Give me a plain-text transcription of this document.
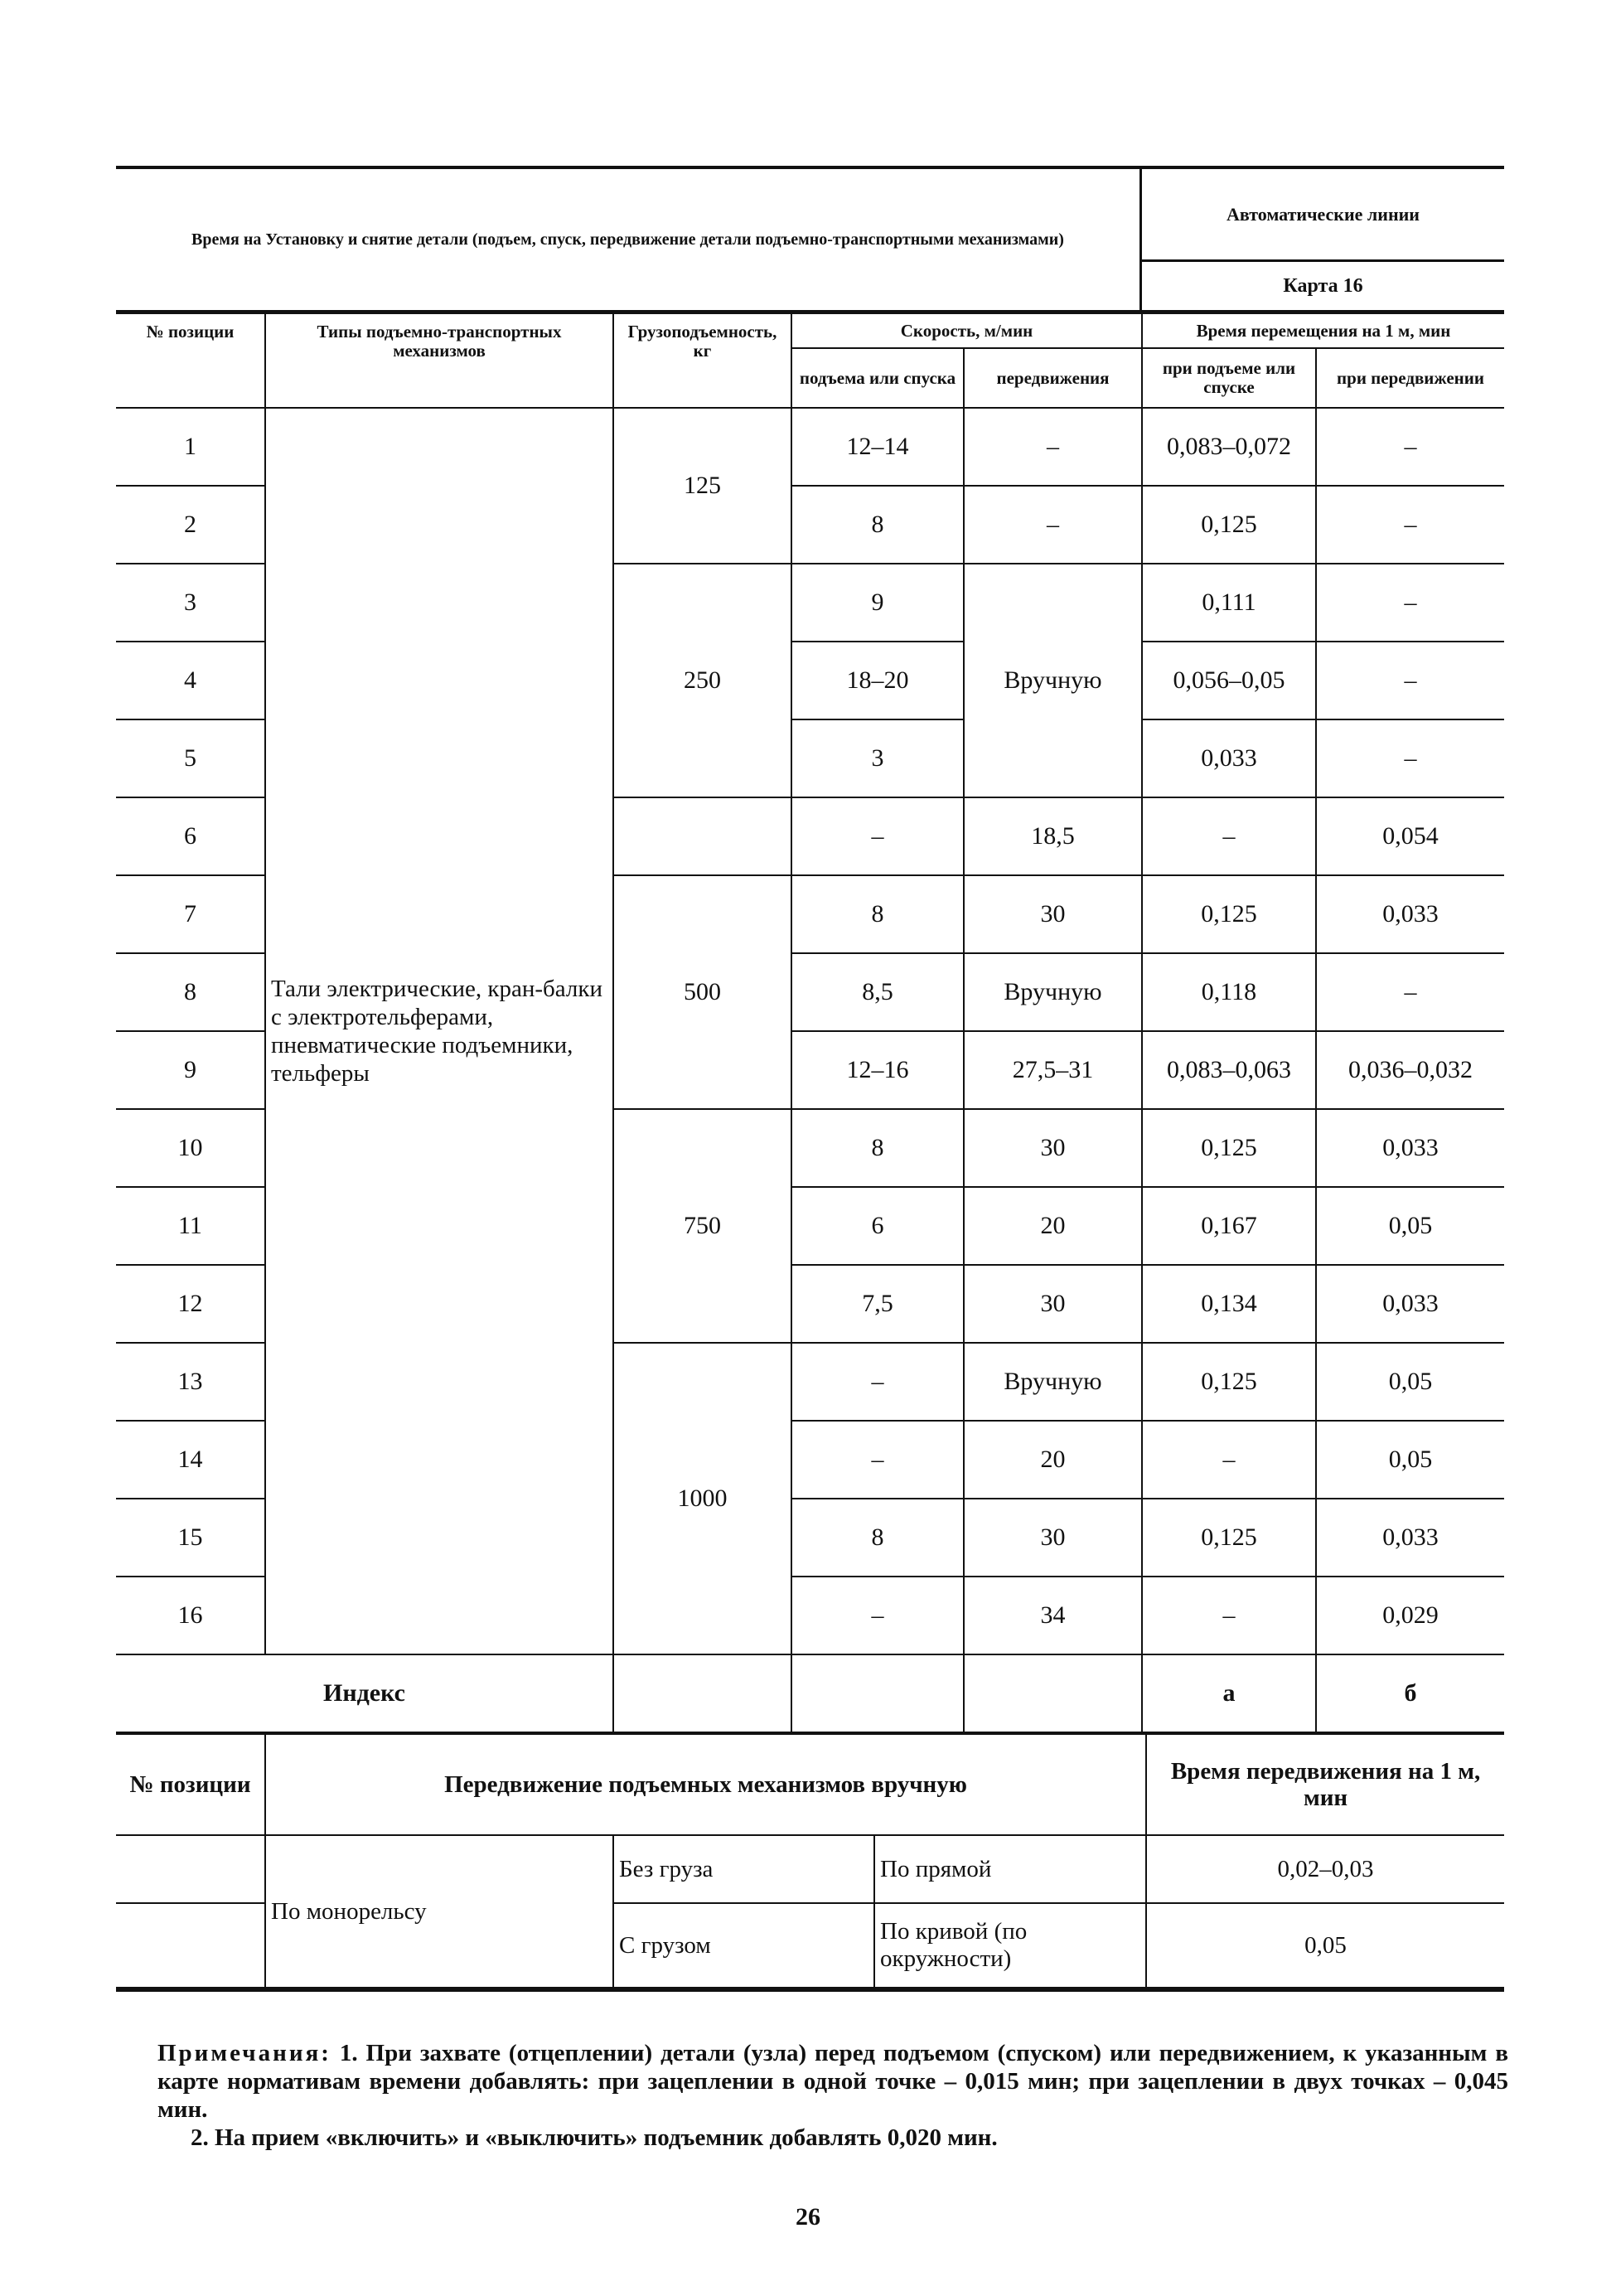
Время на Установку и снятие детали (подъем, спуск, передвижение детали подъемно-транспортными механизмами)
Автоматические линии
Карта 16
№ позиции	Типы подъемно-транспортных механизмов	Грузоподъемность, кг	Скорость, м/мин		Время перемещения на 1 м, мин	
			подъема или спуска	передвижения	при подъеме или спуске	при передвижении
1	Тали электрические, кран-балки с электротельферами, пневматические подъемники, тельферы	125	12–14	–	0,083–0,072	–
2			8	–	0,125	–
3		250	9	Вручную	0,111	–
4			18–20		0,056–0,05	–
5			3		0,033	–
6			–	18,5	–	0,054
7		500	8	30	0,125	0,033
8			8,5	Вручную	0,118	–
9			12–16	27,5–31	0,083–0,063	0,036–0,032
10		750	8	30	0,125	0,033
11			6	20	0,167	0,05
12			7,5	30	0,134	0,033
13		1000	–	Вручную	0,125	0,05
14			–	20	–	0,05
15			8	30	0,125	0,033
16			–	34	–	0,029
Индекс					а	б
№ позиции	Передвижение подъемных механизмов вручную			Время передвижения на 1 м, мин
	По монорельсу	Без груза	По прямой	0,02–0,03
		С грузом	По кривой (по окружности)	0,05
Примечания: 1. При захвате (отцеплении) детали (узла) перед подъемом (спуском) или передвижением, к указанным в карте нормативам времени добавлять: при зацеплении в одной точке – 0,015 мин; при зацеплении в двух точках – 0,045 мин.
2. На прием «включить» и «выключить» подъемник добавлять 0,020 мин.
26
